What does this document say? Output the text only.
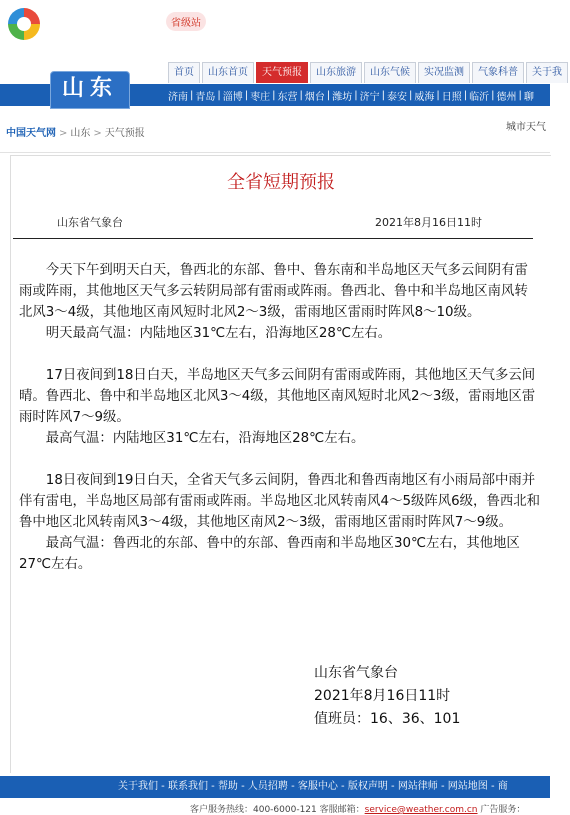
省级站
山东
首页	山东首页	天气预报	山东旅游	山东气候	实况监测	气象科普	关于我
济南 | 青岛 | 淄博 | 枣庄 | 东营 | 烟台 | 潍坊 | 济宁 | 泰安 | 威海 | 日照 | 临沂 | 德州 | 聊
中国天气网 > 山东 > 天气预报
城市天气
全省短期预报
山东省气象台	2021年8月16日11时

今天下午到明天白天，鲁西北的东部、鲁中、鲁东南和半岛地区天气多云间阴有雷雨或阵雨，其他地区天气多云转阴局部有雷雨或阵雨。鲁西北、鲁中和半岛地区南风转北风3～4级，其他地区南风短时北风2～3级，雷雨地区雷雨时阵风8～10级。

明天最高气温：内陆地区31℃左右，沿海地区28℃左右。

17日夜间到18日白天，半岛地区天气多云间阴有雷雨或阵雨，其他地区天气多云间晴。鲁西北、鲁中和半岛地区北风3～4级，其他地区南风短时北风2～3级，雷雨地区雷雨时阵风7～9级。

最高气温：内陆地区31℃左右，沿海地区28℃左右。

18日夜间到19日白天，全省天气多云间阴，鲁西北和鲁西南地区有小雨局部中雨并伴有雷电，半岛地区局部有雷雨或阵雨。半岛地区北风转南风4～5级阵风6级，鲁西北和鲁中地区北风转南风3～4级，其他地区南风2～3级，雷雨地区雷雨时阵风7～9级。

最高气温：鲁西北的东部、鲁中的东部、鲁西南和半岛地区30℃左右，其他地区27℃左右。

山东省气象台
2021年8月16日11时
值班员：16、36、101
关于我们 - 联系我们 - 帮助 - 人员招聘 - 客服中心 - 版权声明 - 网站律师 - 网站地图 - 商
客户服务热线：400-6000-121 客服邮箱：service@weather.com.cn 广告服务：
